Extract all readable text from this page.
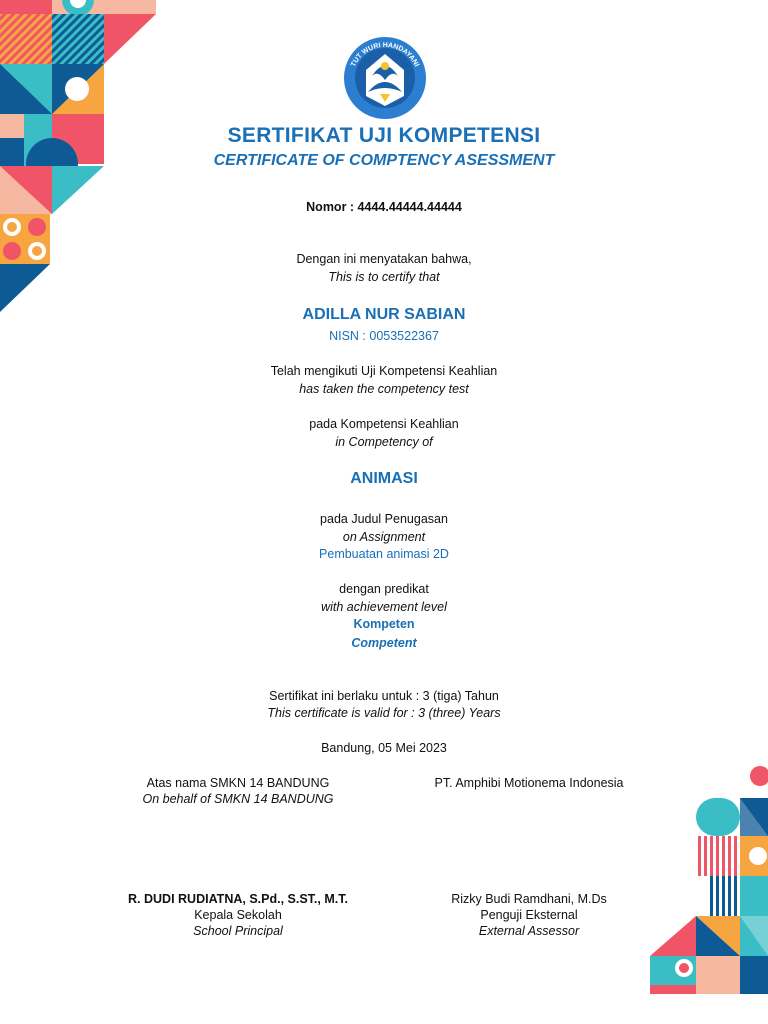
TUT WURI HANDAYANI
SERTIFIKAT UJI KOMPETENSI
CERTIFICATE OF COMPTENCY ASESSMENT
Nomor : 4444.44444.44444
Dengan ini menyatakan bahwa,
This is to certify that
ADILLA NUR SABIAN
NISN : 0053522367
Telah mengikuti Uji Kompetensi Keahlian
has taken the competency test
pada Kompetensi Keahlian
in Competency of
ANIMASI
pada Judul Penugasan
on Assignment
Pembuatan animasi 2D
dengan predikat
with achievement level
Kompeten
Competent
Sertifikat ini berlaku untuk : 3 (tiga) Tahun
This certificate is valid for : 3 (three) Years
Bandung, 05 Mei 2023
Atas nama SMKN 14 BANDUNG
On behalf of SMKN 14 BANDUNG
R. DUDI RUDIATNA, S.Pd., S.ST., M.T.
Kepala Sekolah
School Principal
PT. Amphibi Motionema Indonesia
Rizky Budi Ramdhani, M.Ds
Penguji Eksternal
External Assessor
